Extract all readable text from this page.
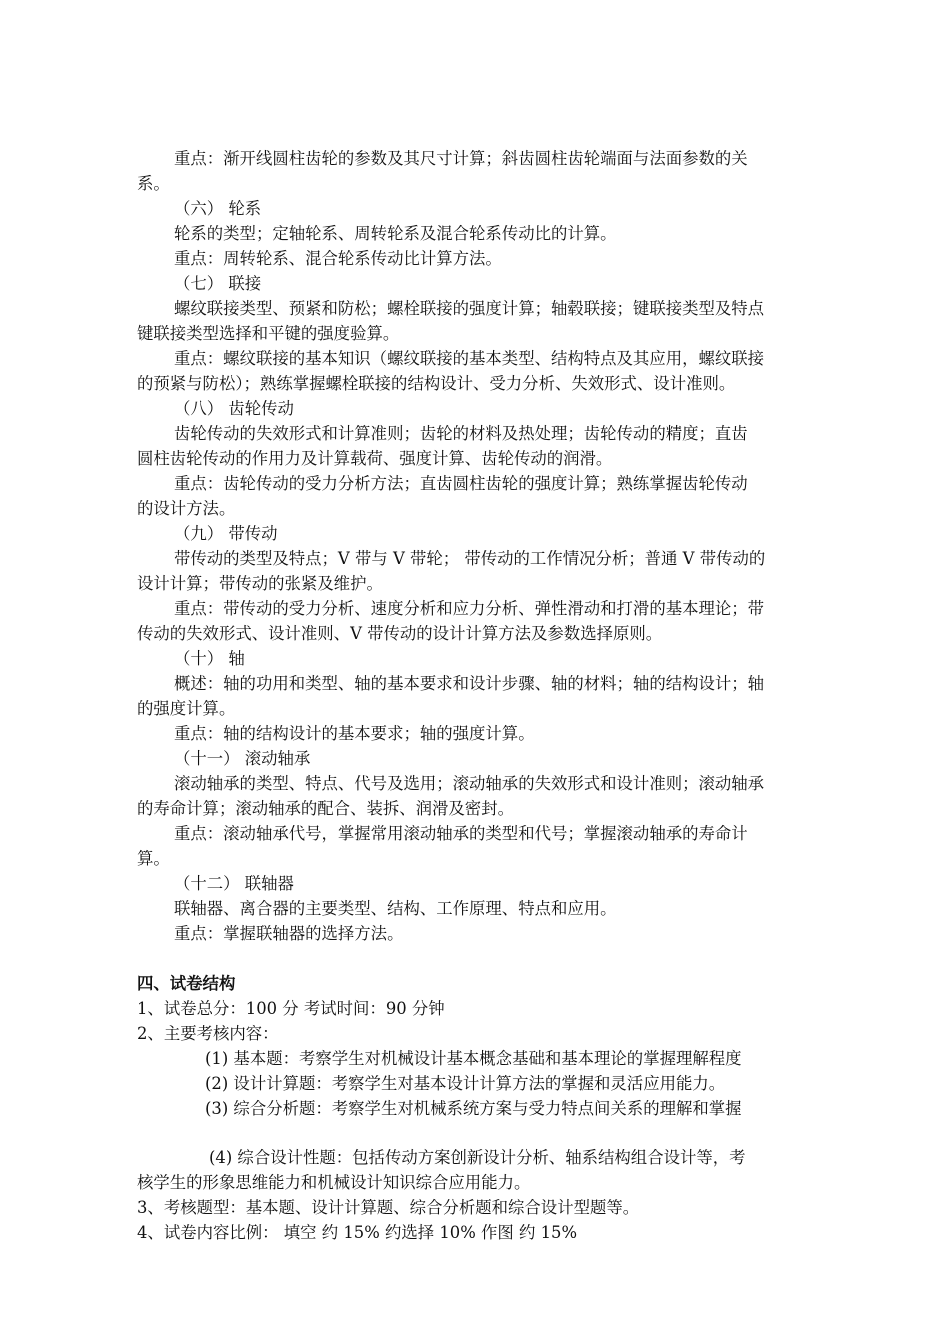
重点：渐开线圆柱齿轮的参数及其尺寸计算；斜齿圆柱齿轮端面与法面参数的关

系。

（六） 轮系

轮系的类型；定轴轮系、周转轮系及混合轮系传动比的计算。

重点：周转轮系、混合轮系传动比计算方法。

（七） 联接

螺纹联接类型、预紧和防松；螺栓联接的强度计算；轴毂联接；键联接类型及特点

键联接类型选择和平键的强度验算。

重点：螺纹联接的基本知识（螺纹联接的基本类型、结构特点及其应用，螺纹联接

的预紧与防松）；熟练掌握螺栓联接的结构设计、受力分析、失效形式、设计准则。

（八） 齿轮传动

齿轮传动的失效形式和计算准则；齿轮的材料及热处理；齿轮传动的精度；直齿

圆柱齿轮传动的作用力及计算载荷、强度计算、齿轮传动的润滑。

重点：齿轮传动的受力分析方法；直齿圆柱齿轮的强度计算；熟练掌握齿轮传动

的设计方法。

（九） 带传动

带传动的类型及特点；V 带与 V 带轮； 带传动的工作情况分析；普通 V 带传动的

设计计算；带传动的张紧及维护。

重点：带传动的受力分析、速度分析和应力分析、弹性滑动和打滑的基本理论；带

传动的失效形式、设计准则、V 带传动的设计计算方法及参数选择原则。

（十） 轴

概述：轴的功用和类型、轴的基本要求和设计步骤、轴的材料；轴的结构设计；轴

的强度计算。

重点：轴的结构设计的基本要求；轴的强度计算。

（十一） 滚动轴承

滚动轴承的类型、特点、代号及选用；滚动轴承的失效形式和设计准则；滚动轴承

的寿命计算；滚动轴承的配合、装拆、润滑及密封。

重点：滚动轴承代号，掌握常用滚动轴承的类型和代号；掌握滚动轴承的寿命计

算。

（十二） 联轴器

联轴器、离合器的主要类型、结构、工作原理、特点和应用。

重点：掌握联轴器的选择方法。

四、试卷结构

1、试卷总分：100 分 考试时间：90 分钟

2、主要考核内容：

(1) 基本题：考察学生对机械设计基本概念基础和基本理论的掌握理解程度

(2) 设计计算题：考察学生对基本设计计算方法的掌握和灵活应用能力。

(3) 综合分析题：考察学生对机械系统方案与受力特点间关系的理解和掌握

(4) 综合设计性题：包括传动方案创新设计分析、轴系结构组合设计等，考

核学生的形象思维能力和机械设计知识综合应用能力。

3、考核题型：基本题、设计计算题、综合分析题和综合设计型题等。

4、试卷内容比例： 填空 约 15% 约选择 10% 作图 约 15%
